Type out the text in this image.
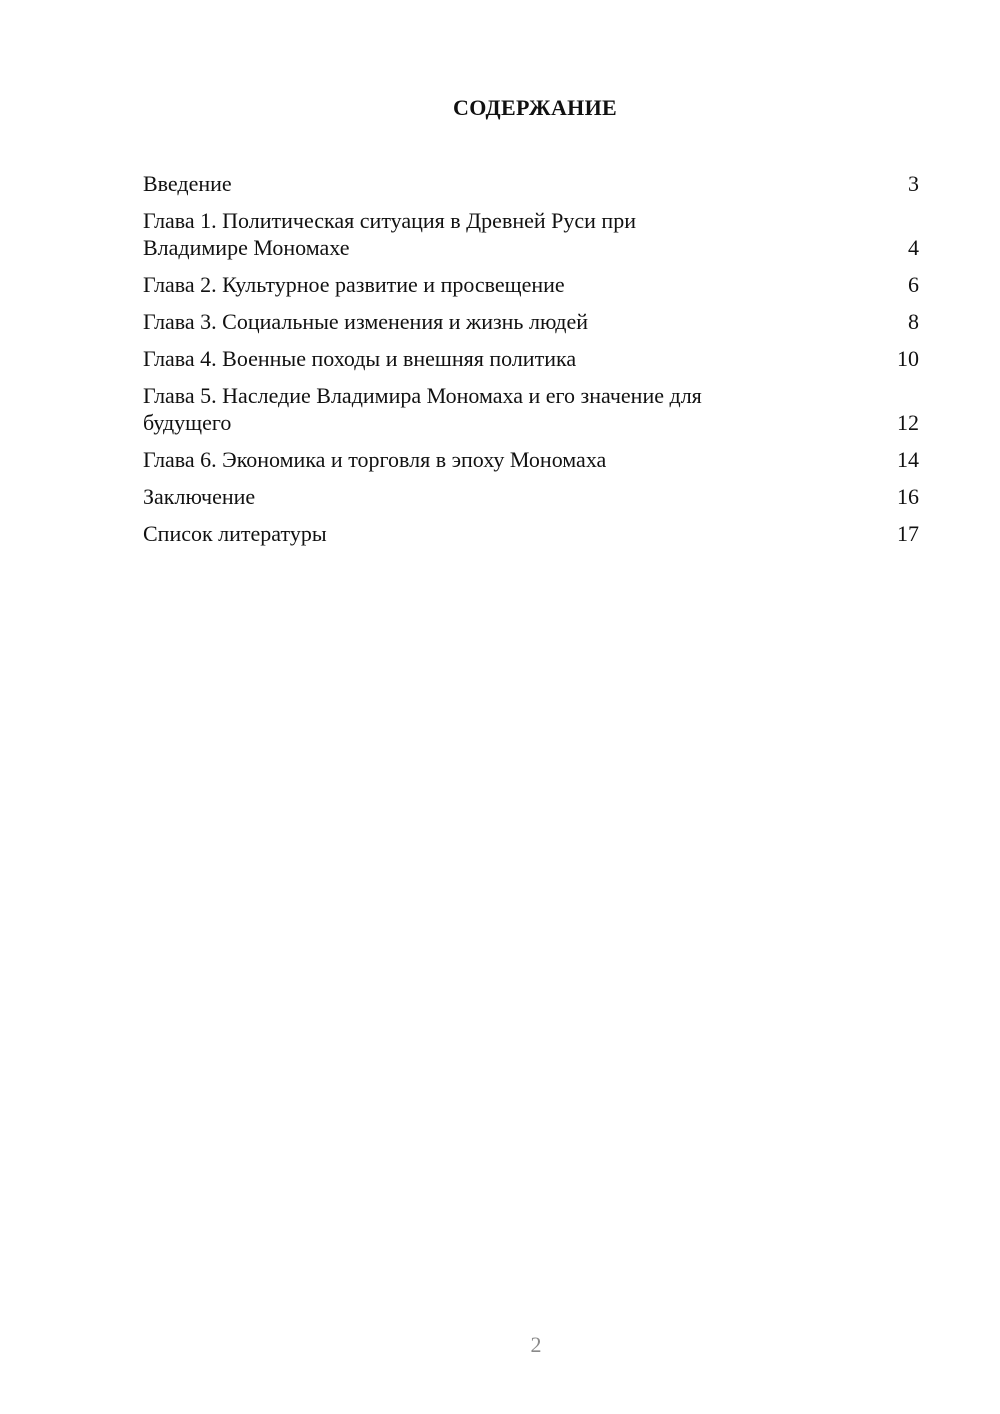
СОДЕРЖАНИЕ
Введение	3
Глава 1. Политическая ситуация в Древней Руси при
Владимире Мономахе	4
Глава 2. Культурное развитие и просвещение	6
Глава 3. Социальные изменения и жизнь людей	8
Глава 4. Военные походы и внешняя политика	10
Глава 5. Наследие Владимира Мономаха и его значение для
будущего	12
Глава 6. Экономика и торговля в эпоху Мономаха	14
Заключение	16
Список литературы	17
2
